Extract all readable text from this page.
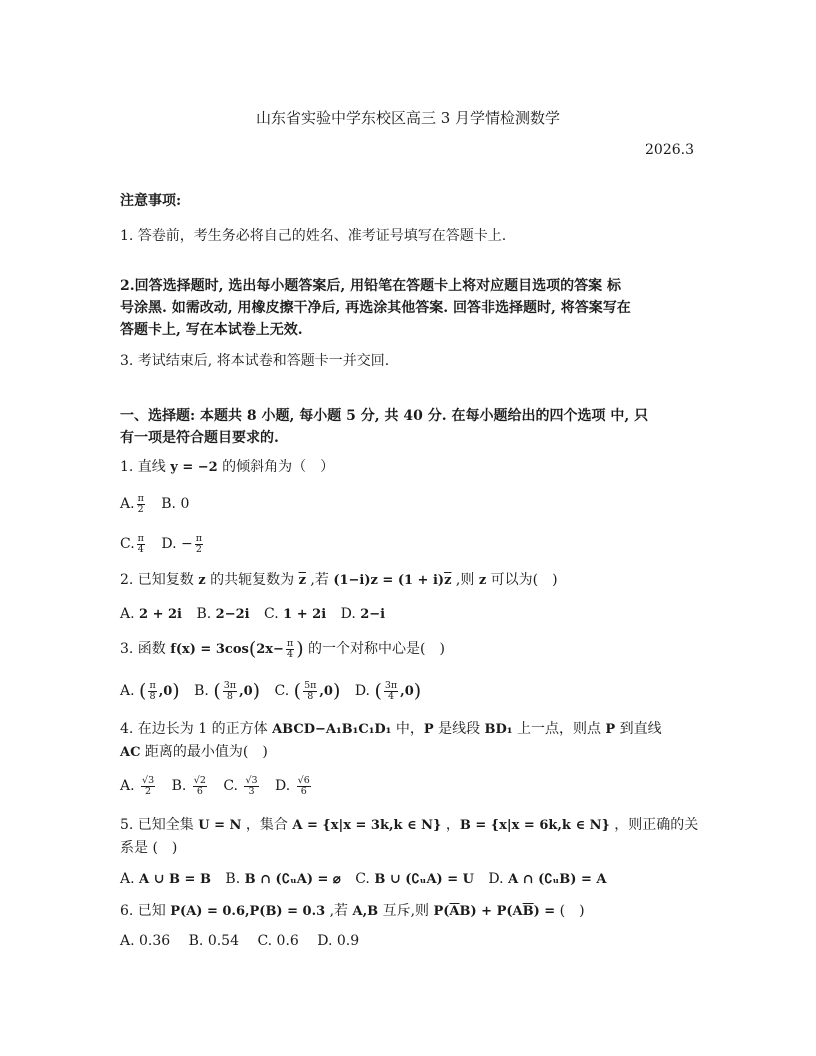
山东省实验中学东校区高三 3 月学情检测数学
2026.3
注意事项:
1. 答卷前，考生务必将自己的姓名、准考证号填写在答题卡上.
2.回答选择题时, 选出每小题答案后, 用铅笔在答题卡上将对应题目选项的答案 标
号涂黑. 如需改动, 用橡皮擦干净后, 再选涂其他答案. 回答非选择题时, 将答案写在
答题卡上, 写在本试卷上无效.
3. 考试结束后, 将本试卷和答题卡一并交回.
一、选择题: 本题共 8 小题, 每小题 5 分, 共 40 分. 在每小题给出的四个选项 中, 只
有一项是符合题目要求的.
1. 直线 y = −2 的倾斜角为（　）
A. $\frac{\pi}{2} B$. 0
C. $\frac{\pi}{4} D$. − $\frac{\pi}{2}$
2. 已知复数 z 的共轭复数为 $\overline{z}$ ,若 $(1-i)z = (1 + i)\overline{z}$ ,则 z 可以为(　)
A. 2 + 2i B. 2−2i C. 1 + 2i D. 2−i
3. 函数 $f(x) = 3\cos(2x- \frac{\pi}{4}$ ) 的一个对称中心是(　)
A. ( $\frac{\pi}{8} ,0$) B. ( $\frac{3\pi}{8} ,0$) C. ( $\frac{5\pi}{8} ,0$) D. ( $\frac{3\pi}{4} ,0$)
4. 在边长为 1 的正方体 ABCD−A₁B₁C₁D₁ 中，P 是线段 BD₁ 上一点，则点 P 到直线
AC 距离的最小值为(　)
A. $\frac{√3}{2} B$. $\frac{√2}{6} C$. $\frac{√3}{3} D$. $\frac{√6}{6}$
5. 已知全集 U = N ，集合 A = {x|x = 3k,k ∈ N} ，B = {x|x = 6k,k ∈ N} ，则正确的关
系是 (　)
A. A ∪ B = B B. B ∩ (∁ᵤA) = ⌀ C. B ∪ (∁ᵤA) = U D. A ∩ (∁ᵤB) = A
6. 已知 P(A) = 0.6,P(B) = 0.3 ,若 A,B 互斥,则 $P(\overline{A}B) + P(A\overline{B})$ = (　)
A. 0.36　 B. 0.54　 C. 0.6　 D. 0.9
